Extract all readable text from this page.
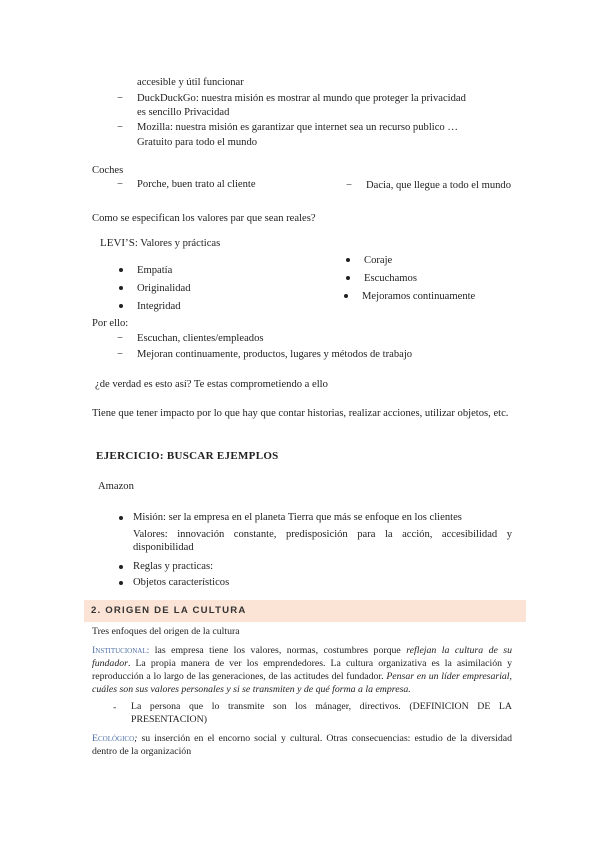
accesible y útil funcionar
− DuckDuckGo: nuestra misión es mostrar al mundo que proteger la privacidad
es sencillo Privacidad
− Mozilla: nuestra misión es garantizar que internet sea un recurso publico …
Gratuito para todo el mundo
Coches
− Porche, buen trato al cliente	− Dacia, que llegue a todo el mundo
Como se especifican los valores par que sean reales?
LEVI’S: Valores y prácticas
Empatía
Originalidad
Integridad
Coraje
Escuchamos
Mejoramos continuamente
Por ello:
− Escuchan, clientes/empleados
− Mejoran continuamente, productos, lugares y métodos de trabajo
¿de verdad es esto así? Te estas comprometiendo a ello
Tiene que tener impacto por lo que hay que contar historias, realizar acciones, utilizar objetos, etc.
EJERCICIO: BUSCAR EJEMPLOS
Amazon
Misión: ser la empresa en el planeta Tierra que más se enfoque en los clientes
Valores: innovación constante, predisposición para la acción, accesibilidad y disponibilidad
Reglas y practicas:
Objetos característicos
2. ORIGEN DE LA CULTURA
Tres enfoques del origen de la cultura
Institucional: las empresa tiene los valores, normas, costumbres porque reflejan la cultura de su fundador. La propia manera de ver los emprendedores. La cultura organizativa es la asimilación y reproducción a lo largo de las generaciones, de las actitudes del fundador. Pensar en un líder empresarial, cuáles son sus valores personales y si se transmiten y de qué forma a la empresa.
- La persona que lo transmite son los mánager, directivos. (DEFINICION DE LA PRESENTACION)
Ecológico; su inserción en el encorno social y cultural. Otras consecuencias: estudio de la diversidad dentro de la organización
